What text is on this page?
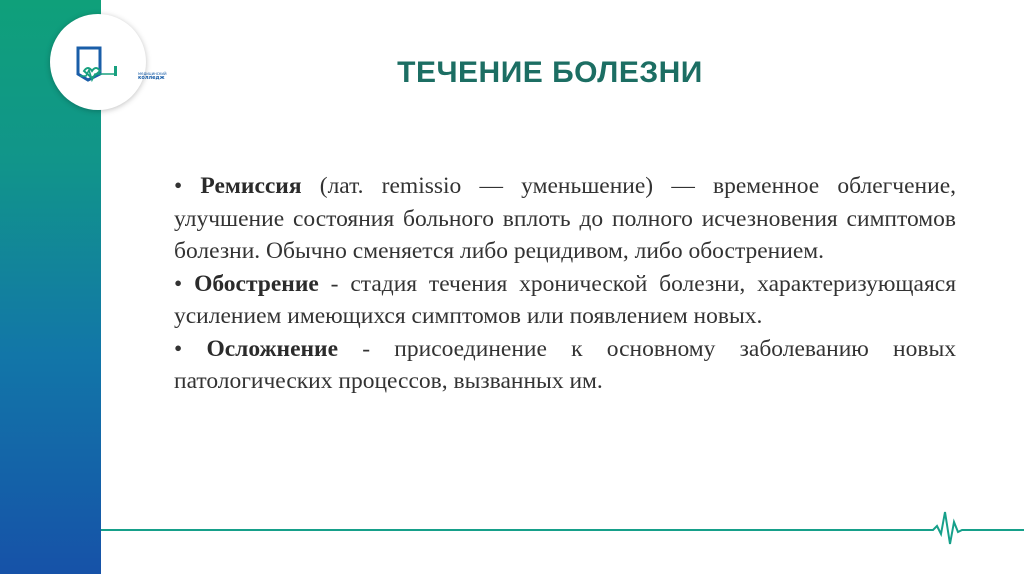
медицинский
колледж	ТЕЧЕНИЕ БОЛЕЗНИ

• Ремиссия (лат. remissio — уменьшение) — временное облегчение, улучшение состояния больного вплоть до полного исчезновения симптомов болезни. Обычно сменяется либо рецидивом, либо обострением.

• Обострение - стадия течения хронической болезни, характеризующаяся усилением имеющихся симптомов или появлением новых.

• Осложнение - присоединение к основному заболеванию новых патологических процессов, вызванных им.
